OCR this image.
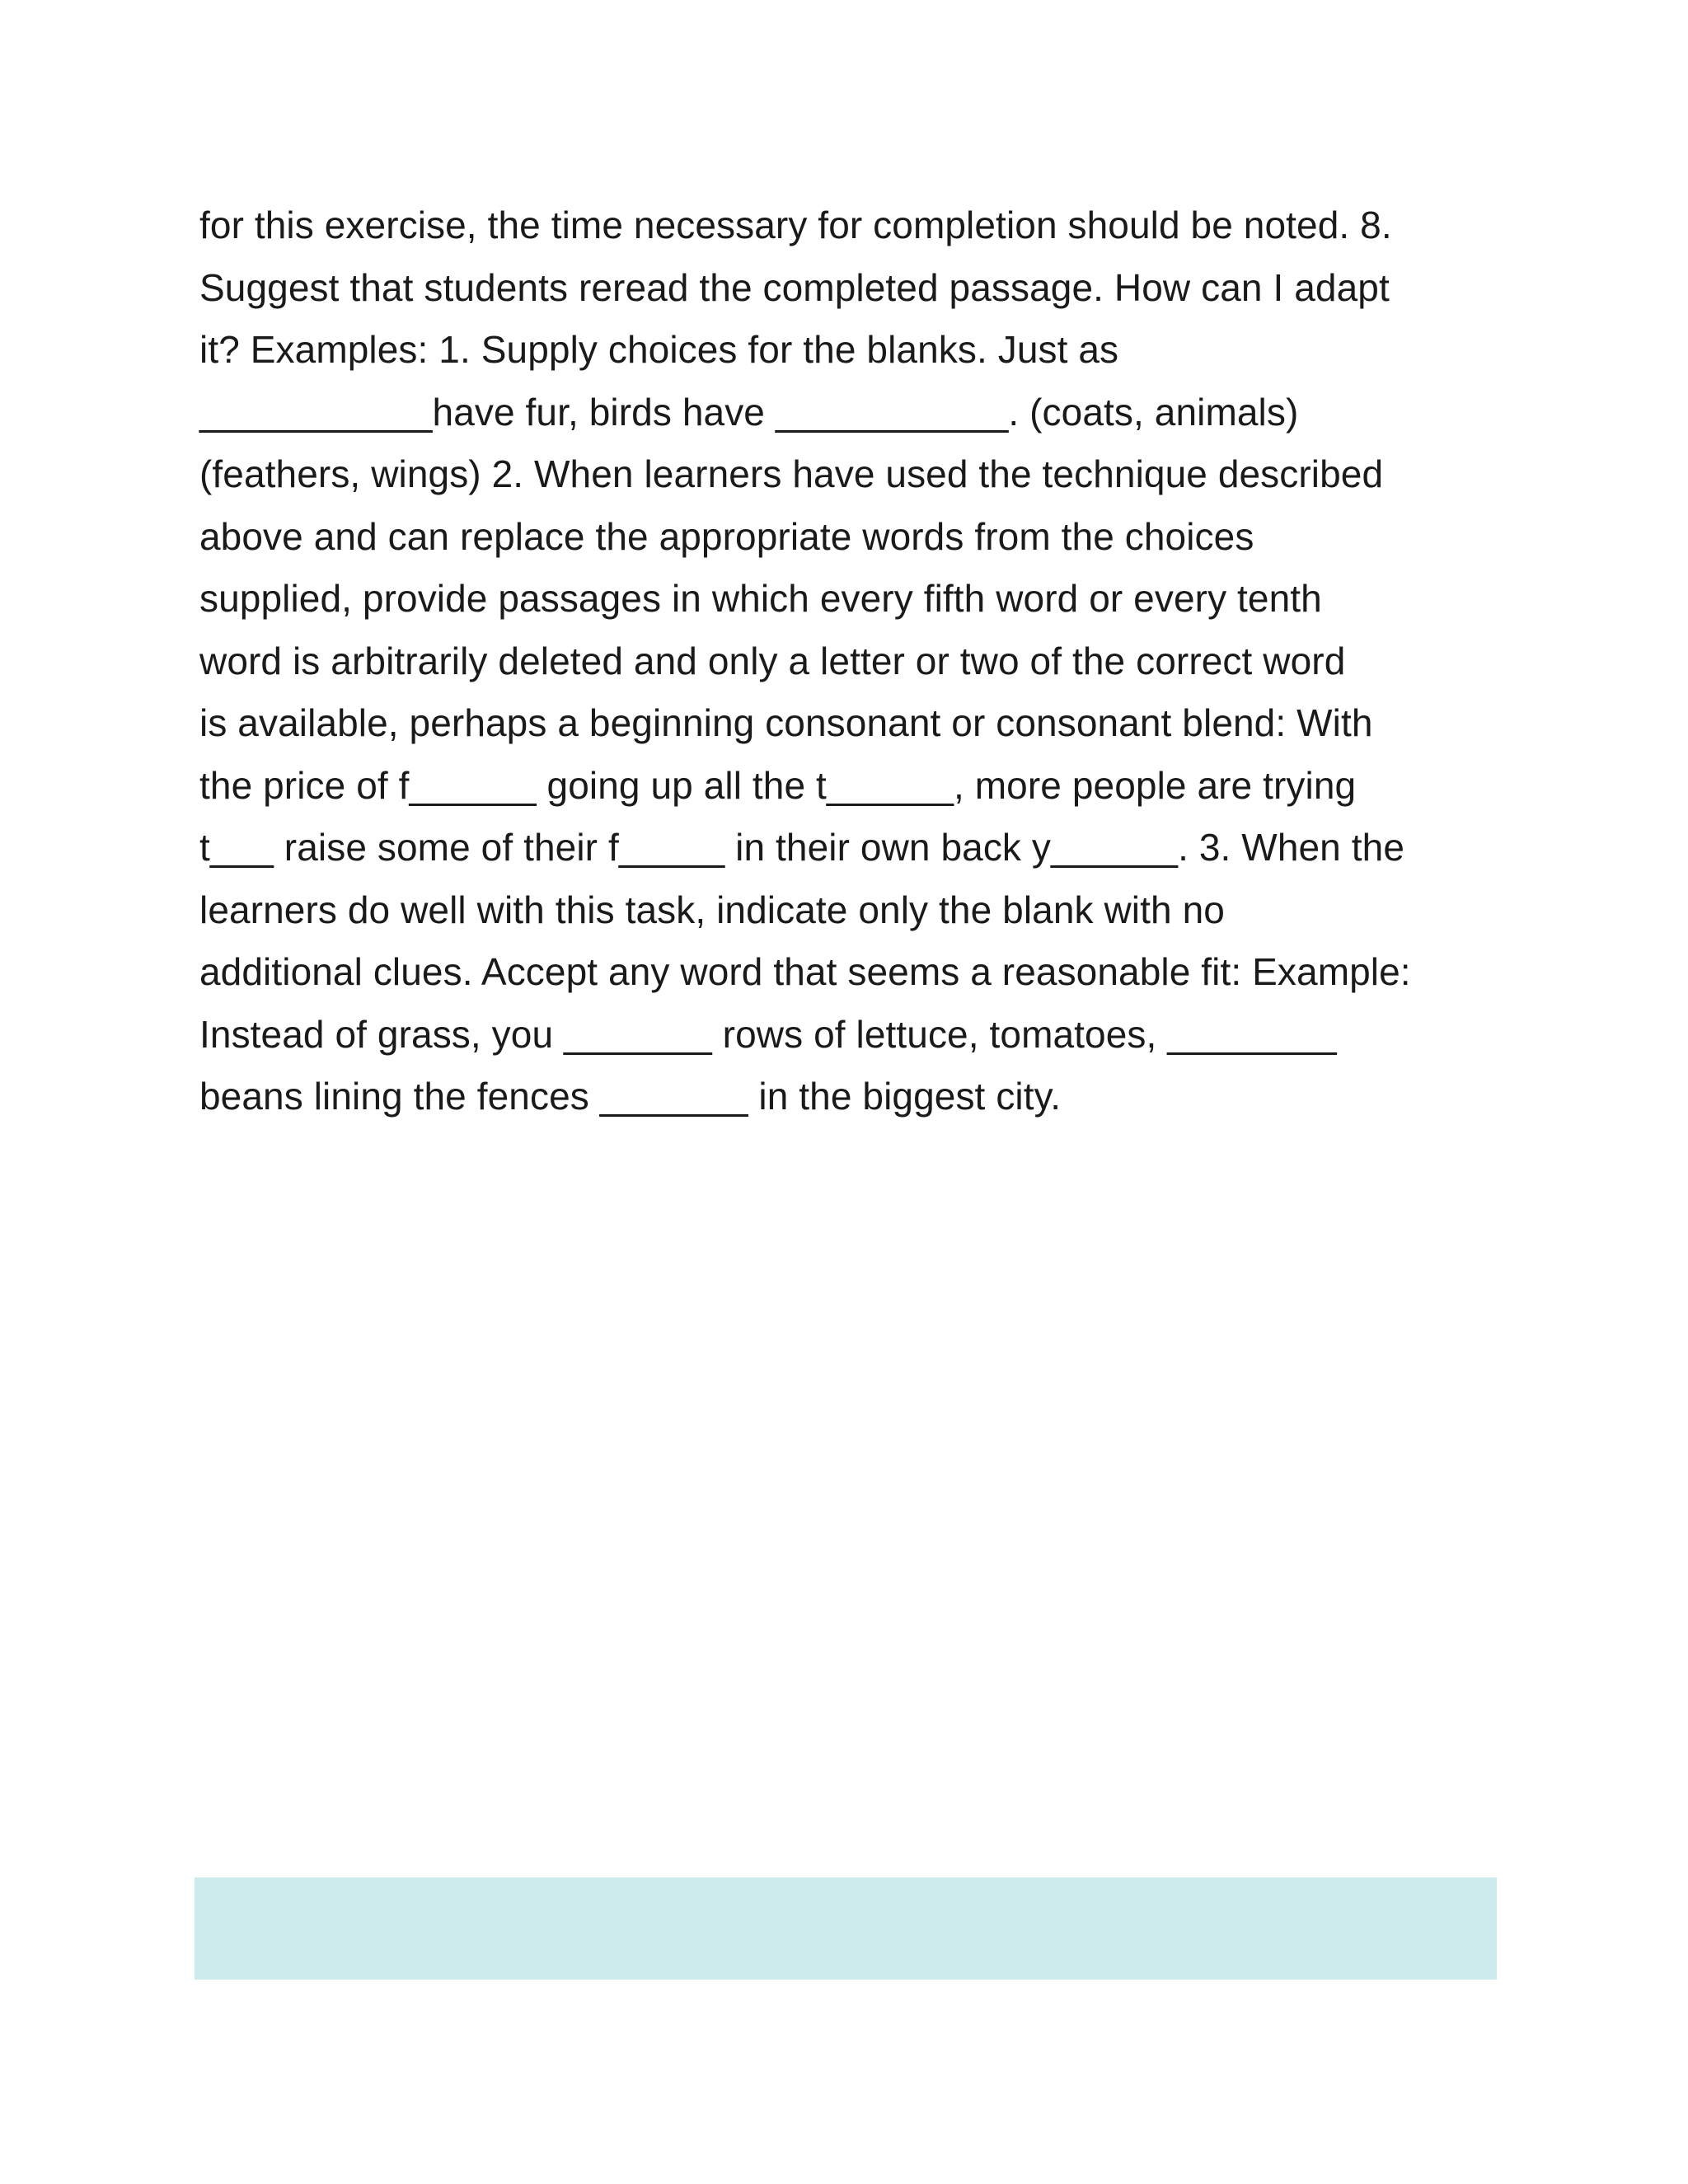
for this exercise, the time necessary for completion should be noted. 8.
Suggest that students reread the completed passage. How can I adapt
it? Examples: 1. Supply choices for the blanks. Just as
___________have fur, birds have ___________. (coats, animals)
(feathers, wings) 2. When learners have used the technique described
above and can replace the appropriate words from the choices
supplied, provide passages in which every fifth word or every tenth
word is arbitrarily deleted and only a letter or two of the correct word
is available, perhaps a beginning consonant or consonant blend: With
the price of f______ going up all the t______, more people are trying
t___ raise some of their f_____ in their own back y______. 3. When the
learners do well with this task, indicate only the blank with no
additional clues. Accept any word that seems a reasonable fit: Example:
Instead of grass, you _______ rows of lettuce, tomatoes, ________
beans lining the fences _______ in the biggest city.
